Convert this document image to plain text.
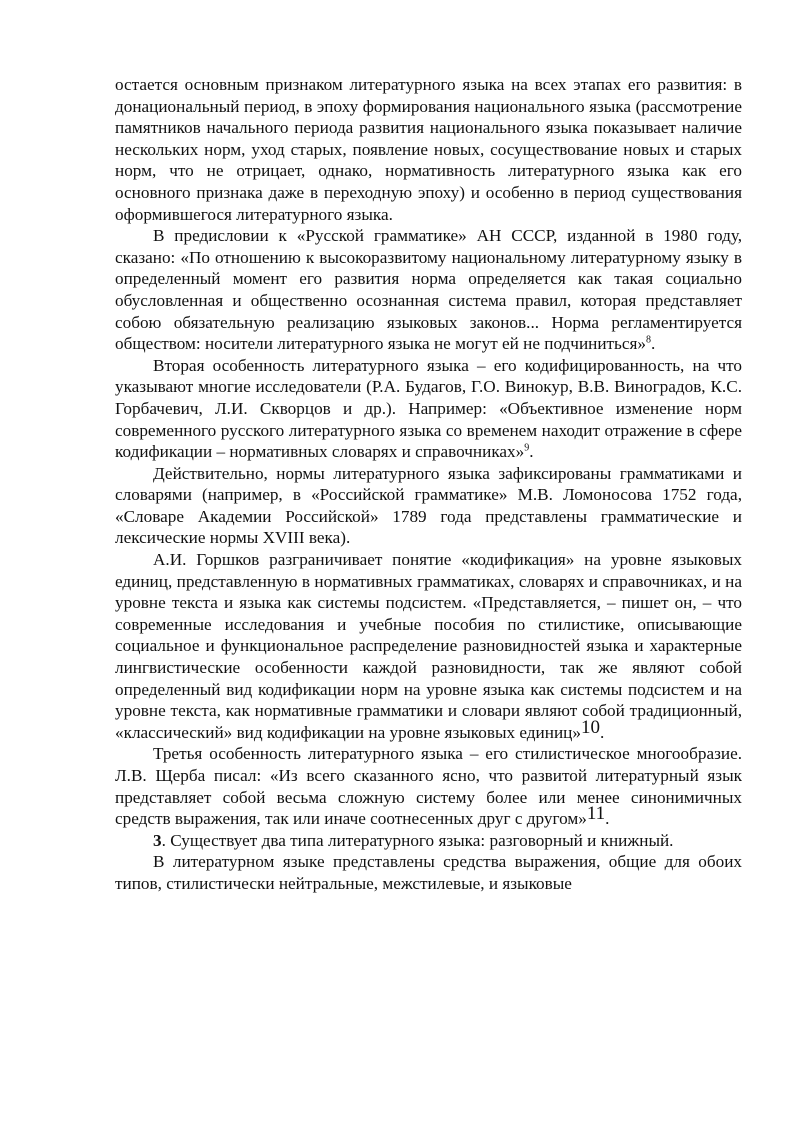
остается основным признаком литературного языка на всех этапах его развития: в донациональный период, в эпоху формирования национального языка (рассмотрение памятников начального периода развития национального языка показывает наличие нескольких норм, уход старых, появление новых, сосуществование новых и старых норм, что не отрицает, однако, нормативность литературного языка как его основного признака даже в переходную эпоху) и особенно в период существования оформившегося литературного языка.

В предисловии к «Русской грамматике» АН СССР, изданной в 1980 году, сказано: «По отношению к высокоразвитому национальному литературному языку в определенный момент его развития норма определяется как такая социально обусловленная и общественно осознанная система правил, которая представляет собою обязательную реализацию языковых законов... Норма регламентируется обществом: носители литературного языка не могут ей не подчиниться»$^8$.

Вторая особенность литературного языка – его кодифицированность, на что указывают многие исследователи (Р.А. Будагов, Г.О. Винокур, В.В. Виноградов, К.С. Горбачевич, Л.И. Скворцов и др.). Например: «Объективное изменение норм современного русского литературного языка со временем находит отражение в сфере кодификации – нормативных словарях и справочниках»$^9$.

Действительно, нормы литературного языка зафиксированы грамматиками и словарями (например, в «Российской грамматике» М.В. Ломоносова 1752 года, «Словаре Академии Российской» 1789 года представлены грамматические и лексические нормы XVIII века).

А.И. Горшков разграничивает понятие «кодификация» на уровне языковых единиц, представленную в нормативных грамматиках, словарях и справочниках, и на уровне текста и языка как системы подсистем. «Представляется, – пишет он, – что современные исследования и учебные пособия по стилистике, описывающие социальное и функциональное распределение разновидностей языка и характерные лингвистические особенности каждой разновидности, так же являют собой определенный вид кодификации норм на уровне языка как системы подсистем и на уровне текста, как нормативные грамматики и словари являют собой традиционный, «классический» вид кодификации на уровне языковых единиц»10.

Третья особенность литературного языка – его стилистическое многообразие. Л.В. Щерба писал: «Из всего сказанного ясно, что развитой литературный язык представляет собой весьма сложную систему более или менее синонимичных средств выражения, так или иначе соотнесенных друг с другом»11.

3. Существует два типа литературного языка: разговорный и книжный.

В литературном языке представлены средства выражения, общие для обоих типов, стилистически нейтральные, межстилевые, и языковые
